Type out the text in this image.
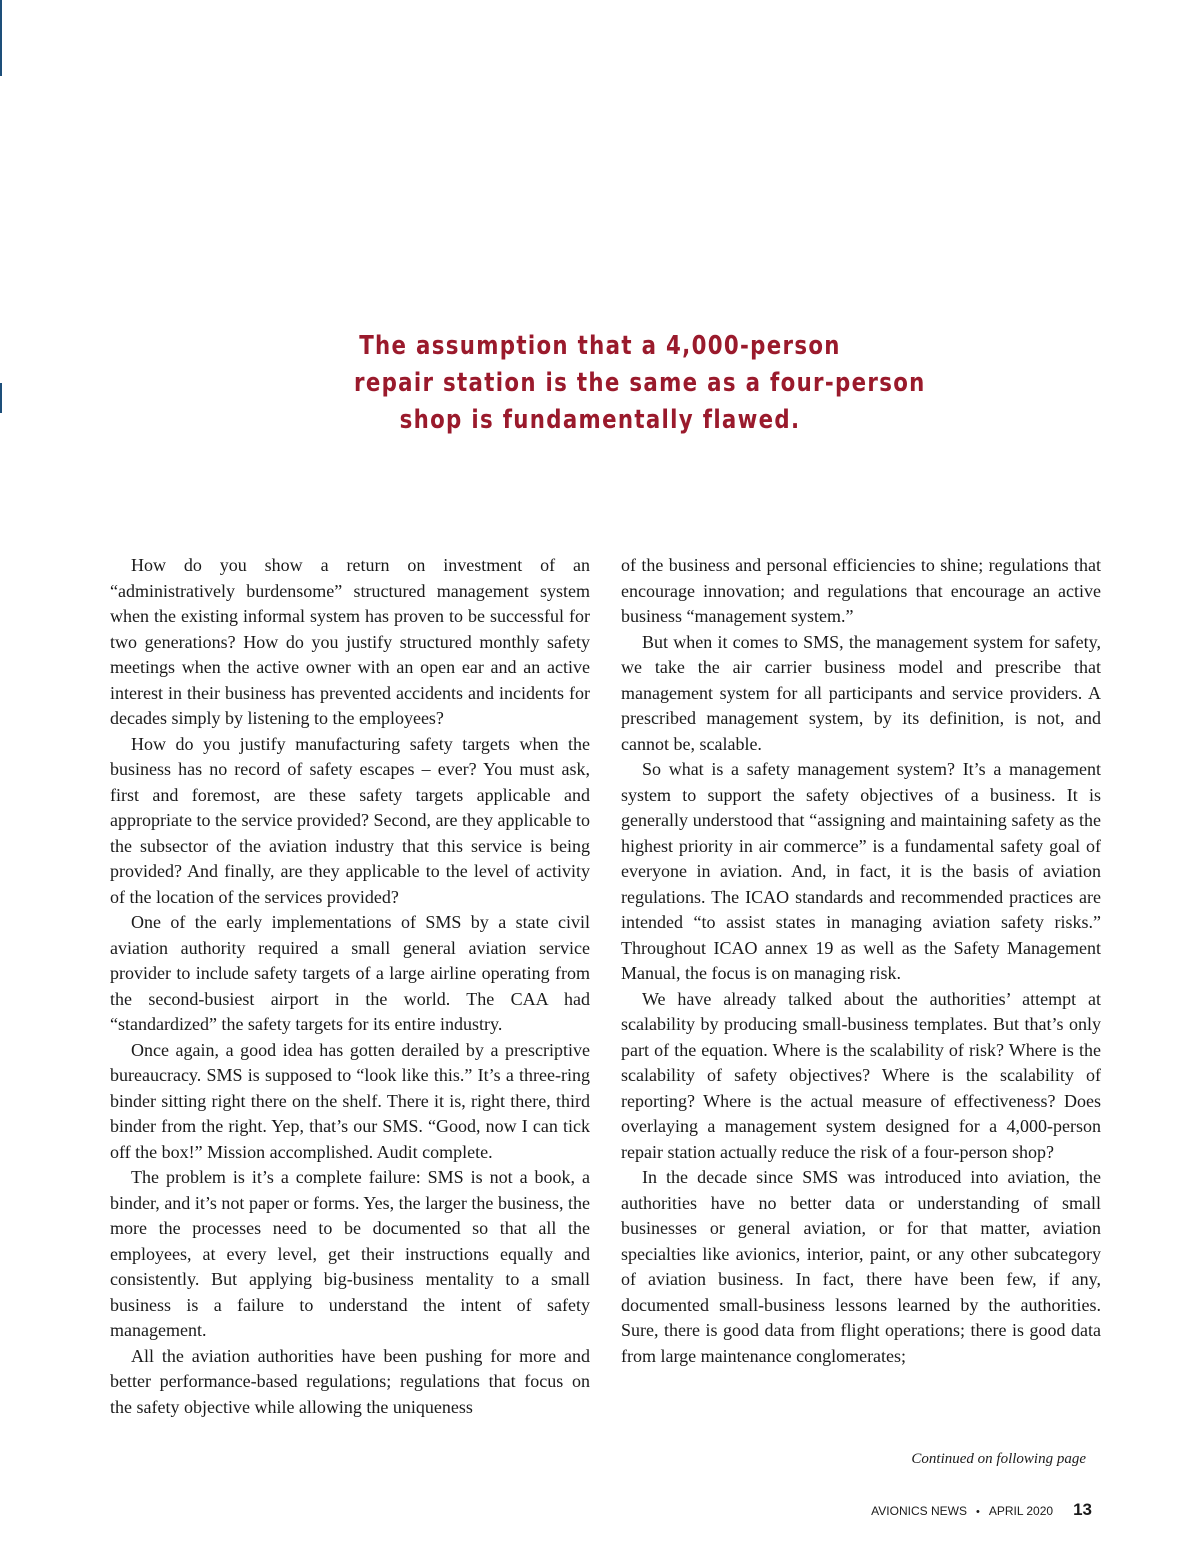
The assumption that a 4,000-person
repair station is the same as a four-person
shop is fundamentally flawed.

How do you show a return on investment of an “administratively burdensome” structured management system when the existing informal system has proven to be successful for two generations? How do you justify structured monthly safety meetings when the active owner with an open ear and an active interest in their business has prevented accidents and incidents for decades simply by listening to the employees?

How do you justify manufacturing safety targets when the business has no record of safety escapes – ever? You must ask, first and foremost, are these safety targets applicable and appropriate to the service provided? Second, are they applicable to the subsector of the aviation industry that this service is being provided? And finally, are they applicable to the level of activity of the location of the services provided?

One of the early implementations of SMS by a state civil aviation authority required a small general aviation service provider to include safety targets of a large airline operating from the second-busiest airport in the world. The CAA had “standardized” the safety targets for its entire industry.

Once again, a good idea has gotten derailed by a prescriptive bureaucracy. SMS is supposed to “look like this.” It’s a three-ring binder sitting right there on the shelf. There it is, right there, third binder from the right. Yep, that’s our SMS. “Good, now I can tick off the box!” Mission accomplished. Audit complete.

The problem is it’s a complete failure: SMS is not a book, a binder, and it’s not paper or forms. Yes, the larger the business, the more the processes need to be documented so that all the employees, at every level, get their instructions equally and consistently. But applying big-business mentality to a small business is a failure to understand the intent of safety management.

All the aviation authorities have been pushing for more and better performance-based regulations; regulations that focus on the safety objective while allowing the uniqueness

of the business and personal efficiencies to shine; regulations that encourage innovation; and regulations that encourage an active business “management system.”

But when it comes to SMS, the management system for safety, we take the air carrier business model and prescribe that management system for all participants and service providers. A prescribed management system, by its definition, is not, and cannot be, scalable.

So what is a safety management system? It’s a management system to support the safety objectives of a business. It is generally understood that “assigning and maintaining safety as the highest priority in air commerce” is a fundamental safety goal of everyone in aviation. And, in fact, it is the basis of aviation regulations. The ICAO standards and recommended practices are intended “to assist states in managing aviation safety risks.” Throughout ICAO annex 19 as well as the Safety Management Manual, the focus is on managing risk.

We have already talked about the authorities’ attempt at scalability by producing small-business templates. But that’s only part of the equation. Where is the scalability of risk? Where is the scalability of safety objectives? Where is the scalability of reporting? Where is the actual measure of effectiveness? Does overlaying a management system designed for a 4,000-person repair station actually reduce the risk of a four-person shop?

In the decade since SMS was introduced into aviation, the authorities have no better data or understanding of small businesses or general aviation, or for that matter, aviation specialties like avionics, interior, paint, or any other subcategory of aviation business. In fact, there have been few, if any, documented small-business lessons learned by the authorities. Sure, there is good data from flight operations; there is good data from large maintenance conglomerates;

Continued on following page
AVIONICS NEWS • APRIL 2020 13
